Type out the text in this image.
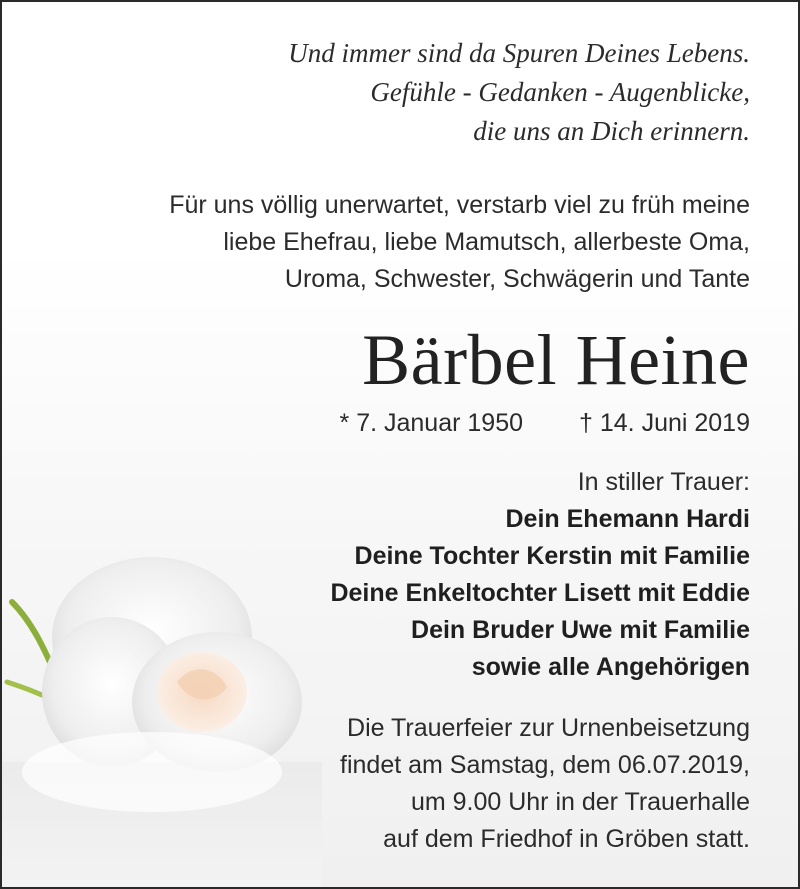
Und immer sind da Spuren Deines Lebens.
Gefühle - Gedanken - Augenblicke,
die uns an Dich erinnern.
Für uns völlig unerwartet, verstarb viel zu früh meine
liebe Ehefrau, liebe Mamutsch, allerbeste Oma,
Uroma, Schwester, Schwägerin und Tante
Bärbel Heine
* 7. Januar 1950 † 14. Juni 2019
In stiller Trauer:
Dein Ehemann Hardi
Deine Tochter Kerstin mit Familie
Deine Enkeltochter Lisett mit Eddie
Dein Bruder Uwe mit Familie
sowie alle Angehörigen
Die Trauerfeier zur Urnenbeisetzung
findet am Samstag, dem 06.07.2019,
um 9.00 Uhr in der Trauerhalle
auf dem Friedhof in Gröben statt.
